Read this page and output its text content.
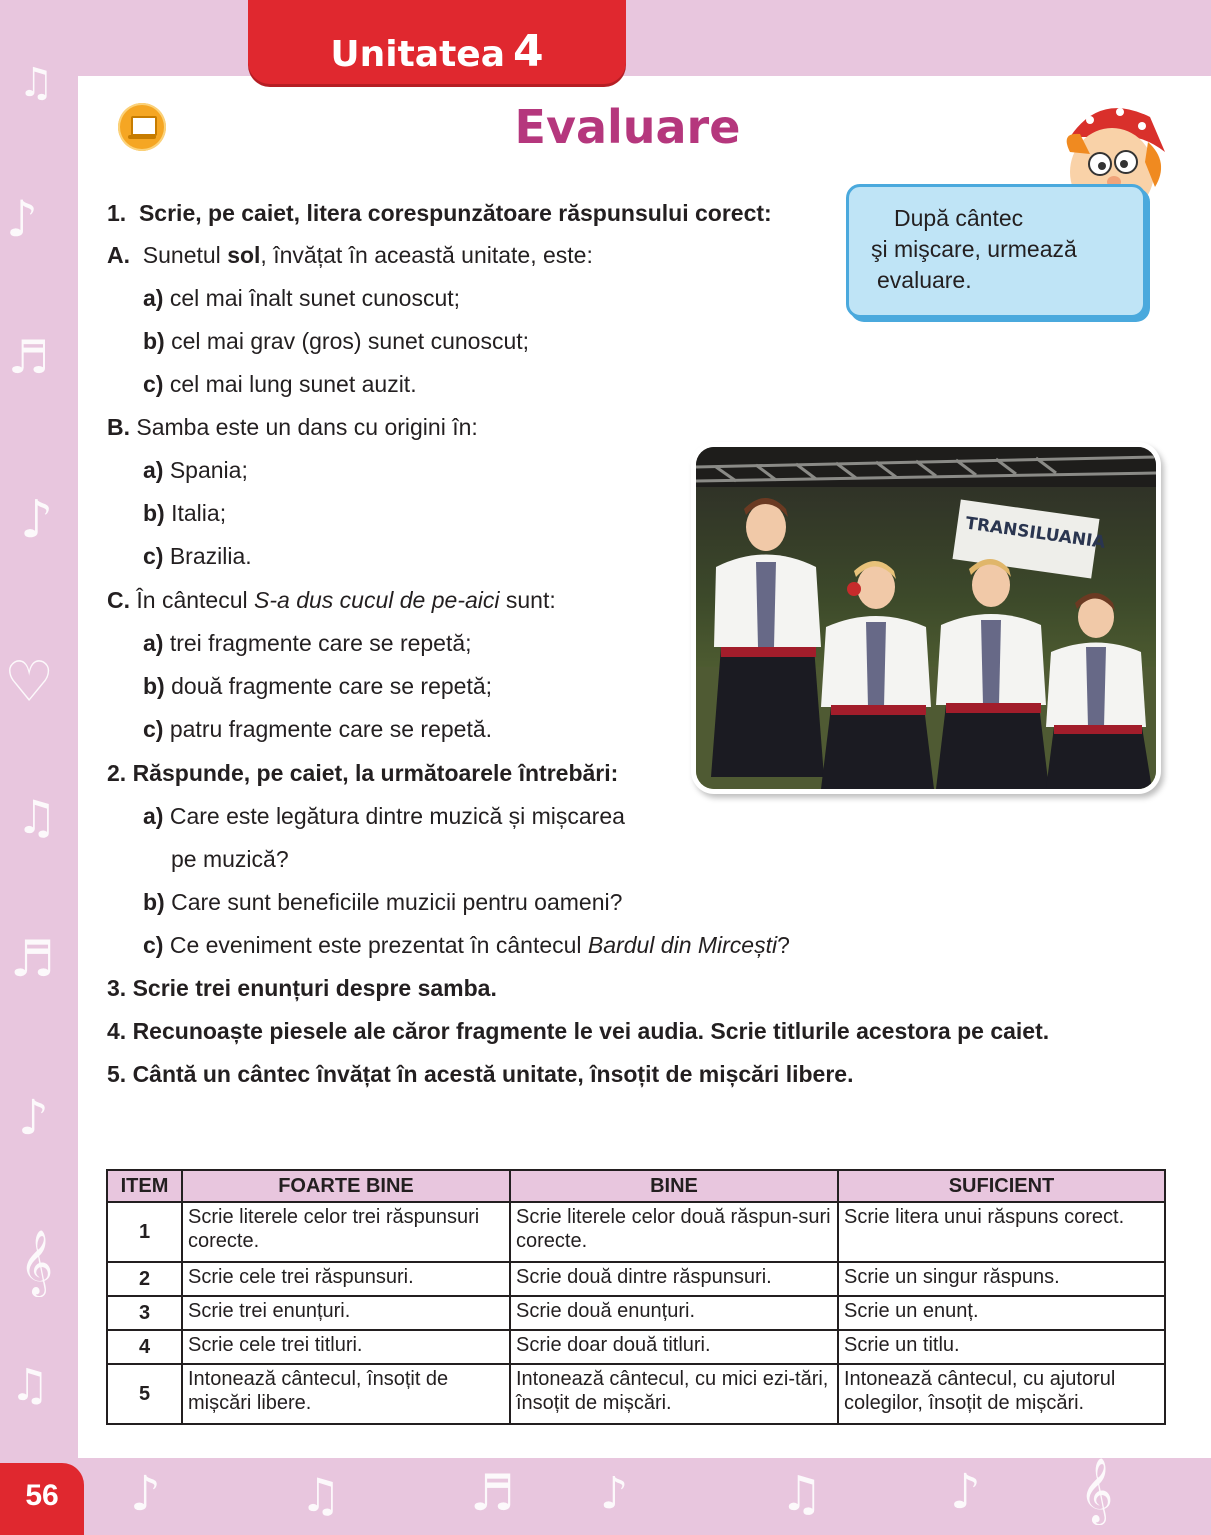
♫
♪
♬
♪
♡
♫
♬
♪
𝄞
♫
♪	♫	♬ ♪	♫	♪ 𝄞
Unitatea 4
Evaluare
După cântec
şi mişcare, urmează
evaluare.
1. Scrie, pe caiet, litera corespunzătoare răspunsului corect:
A. Sunetul sol, învățat în această unitate, este:
a) cel mai înalt sunet cunoscut;
b) cel mai grav (gros) sunet cunoscut;
c) cel mai lung sunet auzit.
B. Samba este un dans cu origini în:
a) Spania;
b) Italia;
c) Brazilia.
C. În cântecul S-a dus cucul de pe-aici sunt:
a) trei fragmente care se repetă;
b) două fragmente care se repetă;
c) patru fragmente care se repetă.
2. Răspunde, pe caiet, la următoarele întrebări:
a) Care este legătura dintre muzică și mișcarea
pe muzică?
b) Care sunt beneficiile muzicii pentru oameni?
c) Ce eveniment este prezentat în cântecul Bardul din Mircești?
3. Scrie trei enunțuri despre samba.
4. Recunoaște piesele ale căror fragmente le vei audia. Scrie titlurile acestora pe caiet.
5. Cântă un cântec învățat în acestă unitate, însoțit de mișcări libere.
TRANSILUANIA
ITEM	FOARTE BINE	BINE	SUFICIENT
1	Scrie literele celor trei răspunsuri corecte.	Scrie literele celor două răspun-suri corecte.	Scrie litera unui răspuns corect.
2	Scrie cele trei răspunsuri.	Scrie două dintre răspunsuri.	Scrie un singur răspuns.
3	Scrie trei enunțuri.	Scrie două enunțuri.	Scrie un enunț.
4	Scrie cele trei titluri.	Scrie doar două titluri.	Scrie un titlu.
5	Intonează cântecul, însoțit de mișcări libere.	Intonează cântecul, cu mici ezi-tări, însoțit de mișcări.	Intonează cântecul, cu ajutorul colegilor, însoțit de mișcări.
56
